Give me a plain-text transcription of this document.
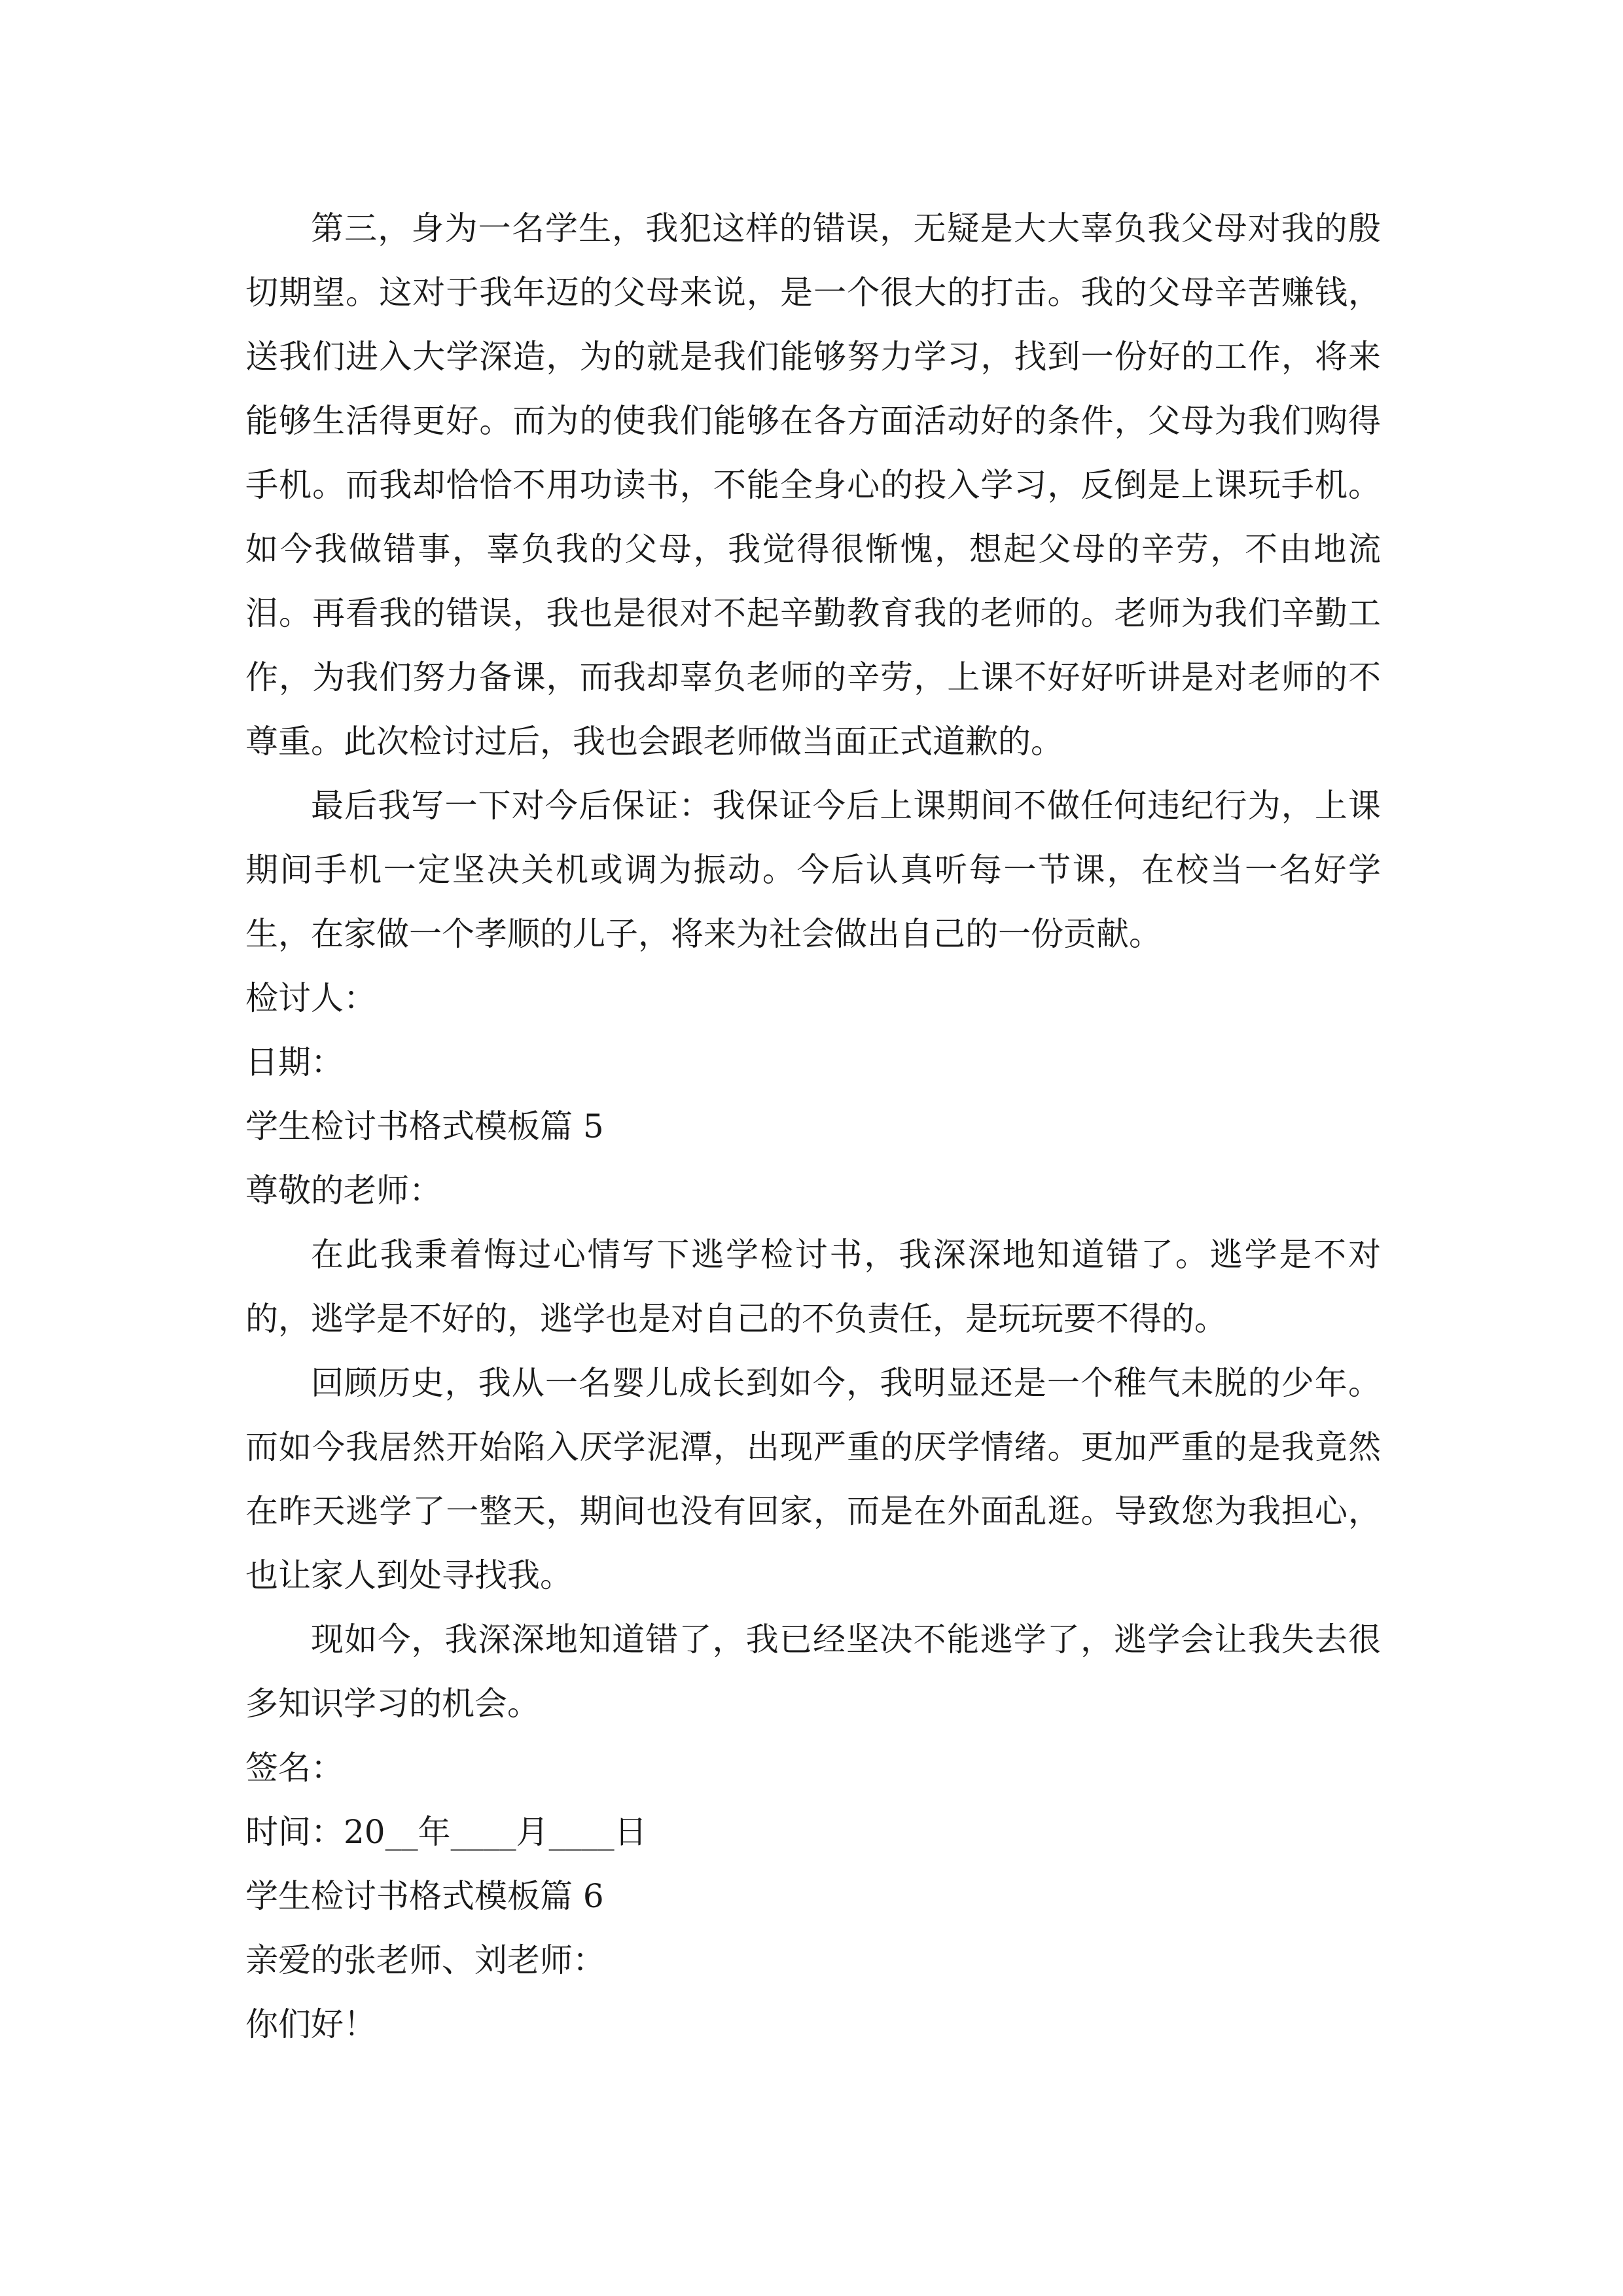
第三，身为一名学生，我犯这样的错误，无疑是大大辜负我父母对我的殷切期望。这对于我年迈的父母来说，是一个很大的打击。我的父母辛苦赚钱，送我们进入大学深造，为的就是我们能够努力学习，找到一份好的工作，将来能够生活得更好。而为的使我们能够在各方面活动好的条件，父母为我们购得手机。而我却恰恰不用功读书，不能全身心的投入学习，反倒是上课玩手机。如今我做错事，辜负我的父母，我觉得很惭愧，想起父母的辛劳，不由地流泪。再看我的错误，我也是很对不起辛勤教育我的老师的。老师为我们辛勤工作，为我们努力备课，而我却辜负老师的辛劳，上课不好好听讲是对老师的不尊重。此次检讨过后，我也会跟老师做当面正式道歉的。

最后我写一下对今后保证：我保证今后上课期间不做任何违纪行为，上课期间手机一定坚决关机或调为振动。今后认真听每一节课，在校当一名好学生，在家做一个孝顺的儿子，将来为社会做出自己的一份贡献。

检讨人：

日期：

学生检讨书格式模板篇 5

尊敬的老师：

在此我秉着悔过心情写下逃学检讨书，我深深地知道错了。逃学是不对的，逃学是不好的，逃学也是对自己的不负责任，是玩玩要不得的。

回顾历史，我从一名婴儿成长到如今，我明显还是一个稚气未脱的少年。而如今我居然开始陷入厌学泥潭，出现严重的厌学情绪。更加严重的是我竟然在昨天逃学了一整天，期间也没有回家，而是在外面乱逛。导致您为我担心，也让家人到处寻找我。

现如今，我深深地知道错了，我已经坚决不能逃学了，逃学会让我失去很多知识学习的机会。

签名：

时间：20__年____月____日

学生检讨书格式模板篇 6

亲爱的张老师、刘老师：

你们好！
